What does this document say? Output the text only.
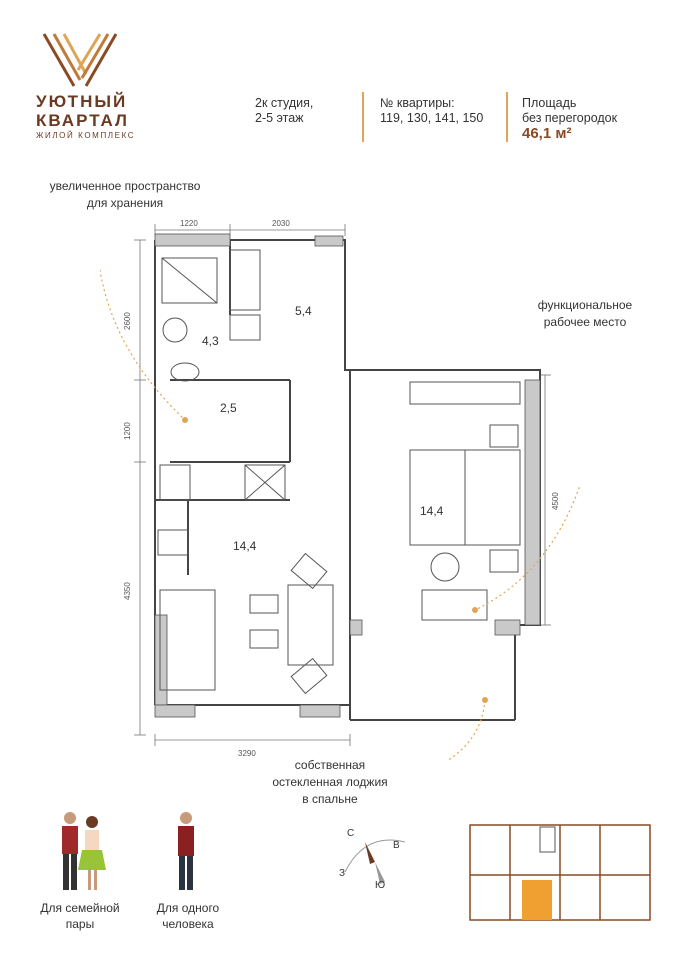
УЮТНЫЙ
КВАРТАЛ
ЖИЛОЙ КОМПЛЕКС
2к студия,
2-5 этаж
№ квартиры:
119, 130, 141, 150
Площадь
без перегородок
46,1 м²
увеличенное пространство
для хранения
функциональное
рабочее место
собственная
остекленная лоджия
в спальне
1220	2030
2600
1200
4350
4500
3290
4,3
5,4
2,5
14,4
14,4
Для семейной
пары
Для одного
человека
С
В
З
Ю
